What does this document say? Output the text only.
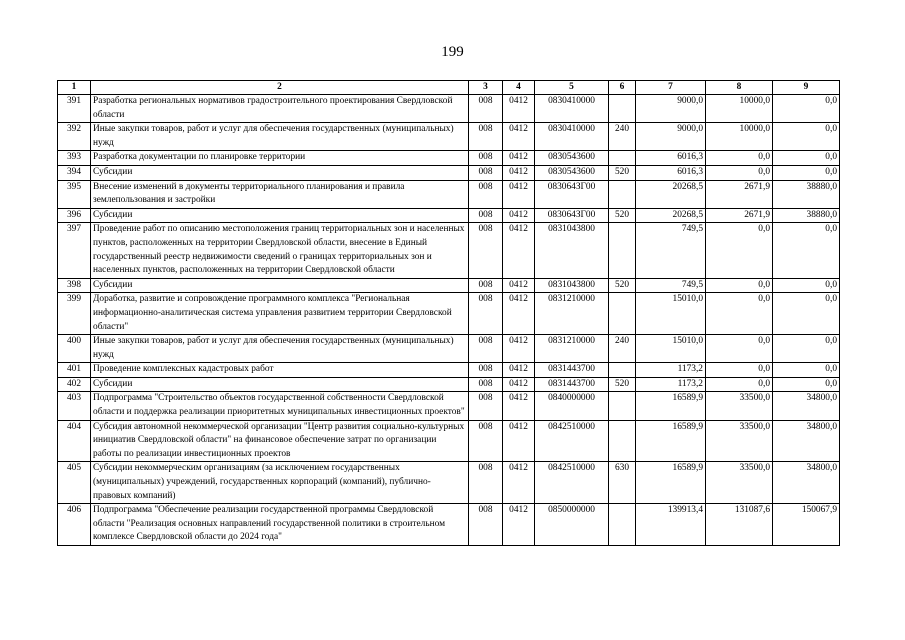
199
1	2	3	4	5	6	7	8	9
391	Разработка региональных нормативов градостроительного проектирования Свердловской области	008	0412	0830410000		9000,0	10000,0	0,0
392	Иные закупки товаров, работ и услуг для обеспечения государственных (муниципальных) нужд	008	0412	0830410000	240	9000,0	10000,0	0,0
393	Разработка документации по планировке территории	008	0412	0830543600		6016,3	0,0	0,0
394	Субсидии	008	0412	0830543600	520	6016,3	0,0	0,0
395	Внесение изменений в документы территориального планирования и правила землепользования и застройки	008	0412	083064ЗГ00		20268,5	2671,9	38880,0
396	Субсидии	008	0412	083064ЗГ00	520	20268,5	2671,9	38880,0
397	Проведение работ по описанию местоположения границ территориальных зон и населенных пунктов, расположенных на территории Свердловской области, внесение в Единый государственный реестр недвижимости сведений о границах территориальных зон и населенных пунктов, расположенных на территории Свердловской области	008	0412	0831043800		749,5	0,0	0,0
398	Субсидии	008	0412	0831043800	520	749,5	0,0	0,0
399	Доработка, развитие и сопровождение программного комплекса "Региональная информационно-аналитическая система управления развитием территории Свердловской области"	008	0412	0831210000		15010,0	0,0	0,0
400	Иные закупки товаров, работ и услуг для обеспечения государственных (муниципальных) нужд	008	0412	0831210000	240	15010,0	0,0	0,0
401	Проведение комплексных кадастровых работ	008	0412	0831443700		1173,2	0,0	0,0
402	Субсидии	008	0412	0831443700	520	1173,2	0,0	0,0
403	Подпрограмма "Строительство объектов государственной собственности Свердловской области и поддержка реализации приоритетных муниципальных инвестиционных проектов"	008	0412	0840000000		16589,9	33500,0	34800,0
404	Субсидия автономной некоммерческой организации "Центр развития социально-культурных инициатив Свердловской области" на финансовое обеспечение затрат по организации работы по реализации инвестиционных проектов	008	0412	0842510000		16589,9	33500,0	34800,0
405	Субсидии некоммерческим организациям (за исключением государственных (муниципальных) учреждений, государственных корпораций (компаний), публично-правовых компаний)	008	0412	0842510000	630	16589,9	33500,0	34800,0
406	Подпрограмма "Обеспечение реализации государственной программы Свердловской области "Реализация основных направлений государственной политики в строительном комплексе Свердловской области до 2024 года"	008	0412	0850000000		139913,4	131087,6	150067,9
